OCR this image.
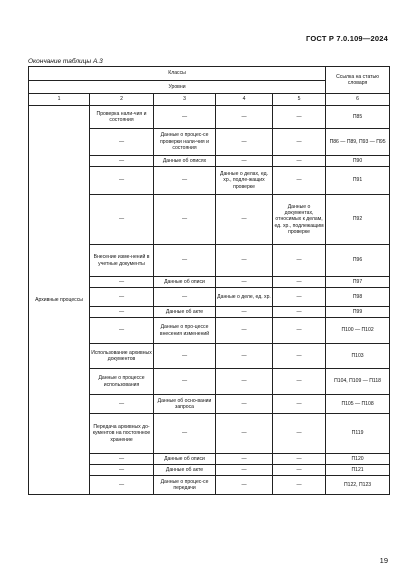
ГОСТ Р 7.0.109—2024
Окончание таблицы А.3
Классы					Ссылка на статью словаря
Уровни					
1	2	3	4	5	6
Архивные процессы	Проверка нали-чия и состояния	—	—	—	П85
	—	Данные о процес-се проверки нали-чия и состояния	—	—	П86 — П89, П93 — П95
	—	Данные об описях	—	—	П90
	—	—	Данные о делах, ед. хр., подле-жащих проверке	—	П91
	—	—	—	Данные о документах, относимых к делам, ед. хр., подлежащим проверке	П92
	Внесение изме-нений в учетные документы	—	—	—	П96
	—	Данные об описи	—	—	П97
	—	—	Данные о деле, ед. хр.	—	П98
	—	Данные об акте	—	—	П99
	—	Данные о про-цессе внесения изменений	—	—	П100 — П102
	Использование архивных документов	—	—	—	П103
	Данные о процессе использования	—	—	—	П104, П109 — П118
	—	Данные об осно-вании запроса	—	—	П105 — П108
	Передача архивных до-кументов на постоянное хранение	—	—	—	П119
	—	Данные об описи	—	—	П120
	—	Данные об акте	—	—	П121
	—	Данные о процес-се передачи	—	—	П122, П123
19
